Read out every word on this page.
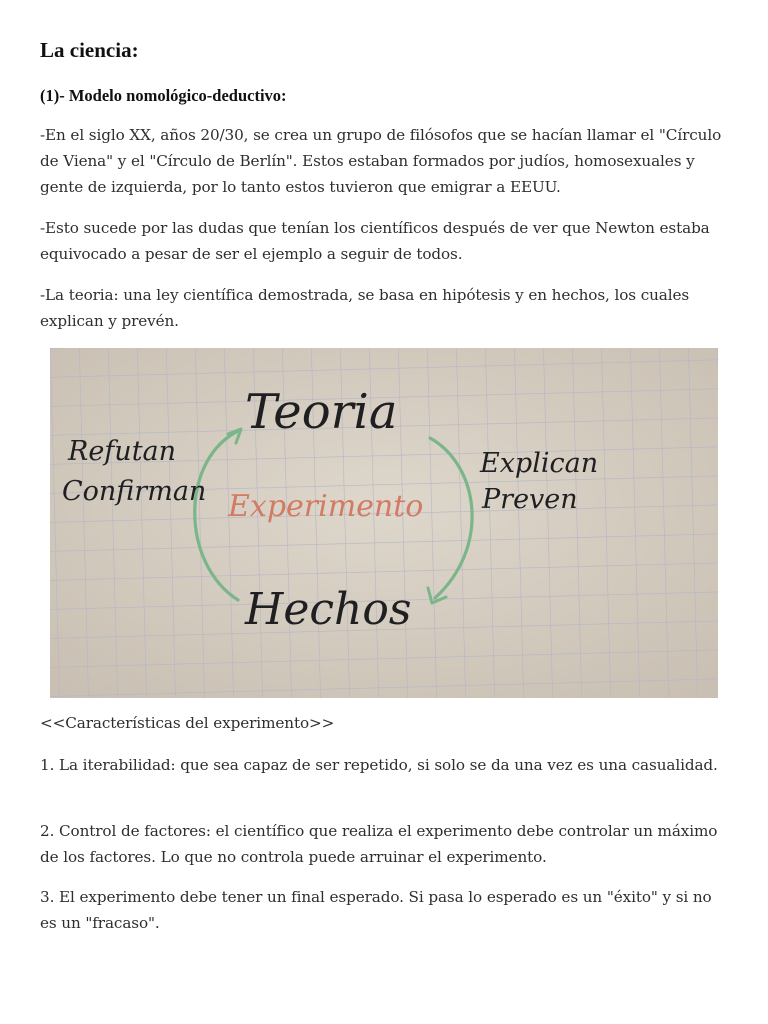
La ciencia:
(1)- Modelo nomológico-deductivo:

-En el siglo XX, años 20/30, se crea un grupo de filósofos que se hacían llamar el "Círculo de Viena" y el "Círculo de Berlín". Estos estaban formados por judíos, homosexuales y gente de izquierda, por lo tanto estos tuvieron que emigrar a EEUU.

-Esto sucede por las dudas que tenían los científicos después de ver que Newton estaba equivocado a pesar de ser el ejemplo a seguir de todos.

-La teoria: una ley científica demostrada, se basa en hipótesis y en hechos, los cuales explican y prevén.

Teoria
Experimento
Hechos
Refutan
Confirman
Explican
Preven

<<Características del experimento>>

1. La iterabilidad: que sea capaz de ser repetido, si solo se da una vez es una casualidad.

2. Control de factores: el científico que realiza el experimento debe controlar un máximo de los factores. Lo que no controla puede arruinar el experimento.

3. El experimento debe tener un final esperado. Si pasa lo esperado es un "éxito" y si no es un "fracaso".
